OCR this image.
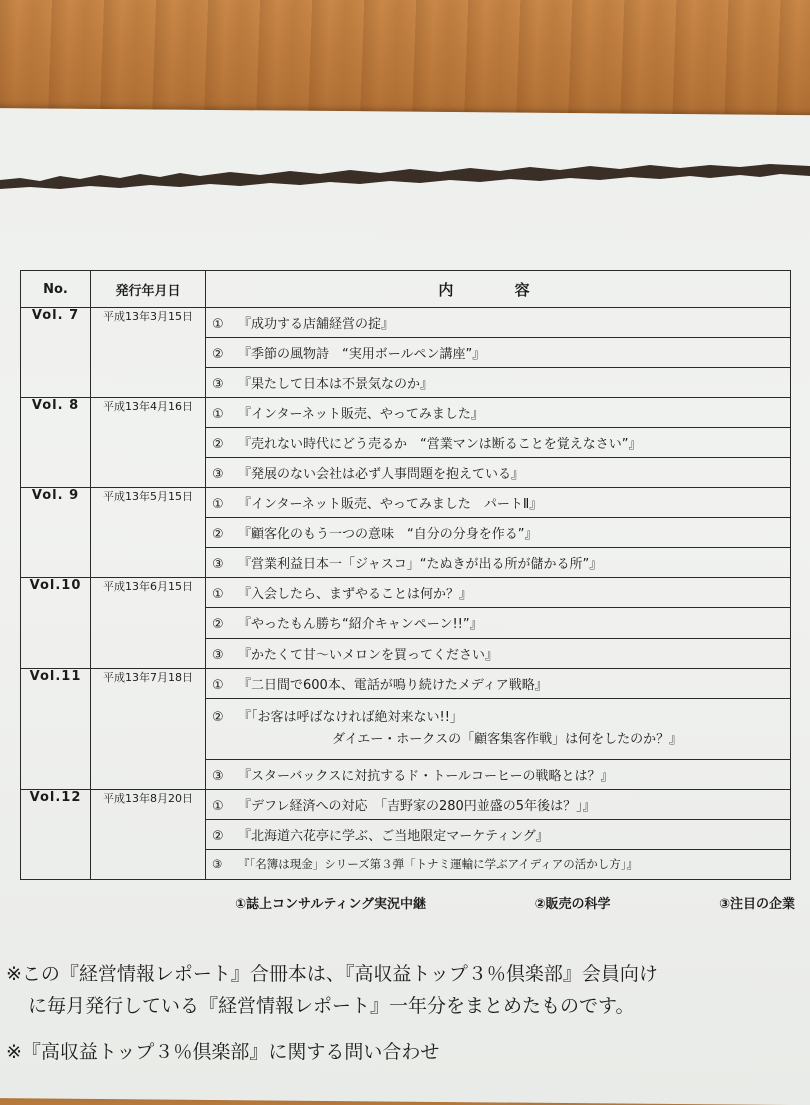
No.	発行年月日	内 容
Vol. 7	平成13年3月15日	① 『成功する店舗経営の掟』
		② 『季節の風物詩　“実用ボールペン講座”』
		③ 『果たして日本は不景気なのか』
Vol. 8	平成13年4月16日	① 『インターネット販売、やってみました』
		② 『売れない時代にどう売るか　“営業マンは断ることを覚えなさい”』
		③ 『発展のない会社は必ず人事問題を抱えている』
Vol. 9	平成13年5月15日	① 『インターネット販売、やってみました　パートⅡ』
		② 『顧客化のもう一つの意味　“自分の分身を作る”』
		③ 『営業利益日本一「ジャスコ」“たぬきが出る所が儲かる所”』
Vol.10	平成13年6月15日	① 『入会したら、まずやることは何か？』
		② 『やったもん勝ち“紹介キャンペーン!!”』
		③ 『かたくて甘～いメロンを買ってください』
Vol.11	平成13年7月18日	① 『二日間で600本、電話が鳴り続けたメディア戦略』
		② 『「お客は呼ばなければ絶対来ない!!」
ダイエー・ホークスの「顧客集客作戦」は何をしたのか？』

		③ 『スターバックスに対抗するド・トールコーヒーの戦略とは？』
Vol.12	平成13年8月20日	① 『デフレ経済への対応　「吉野家の280円並盛の5年後は？」』
		② 『北海道六花亭に学ぶ、ご当地限定マーケティング』
		③ 『「名簿は現金」シリーズ第３弾「トナミ運輸に学ぶアイディアの活かし方」』
①誌上コンサルティング実況中継	②販売の科学	③注目の企業
※この『経営情報レポート』合冊本は、『高収益トップ３％倶楽部』会員向け
に毎月発行している『経営情報レポート』一年分をまとめたものです。
※『高収益トップ３％倶楽部』に関する問い合わせ
